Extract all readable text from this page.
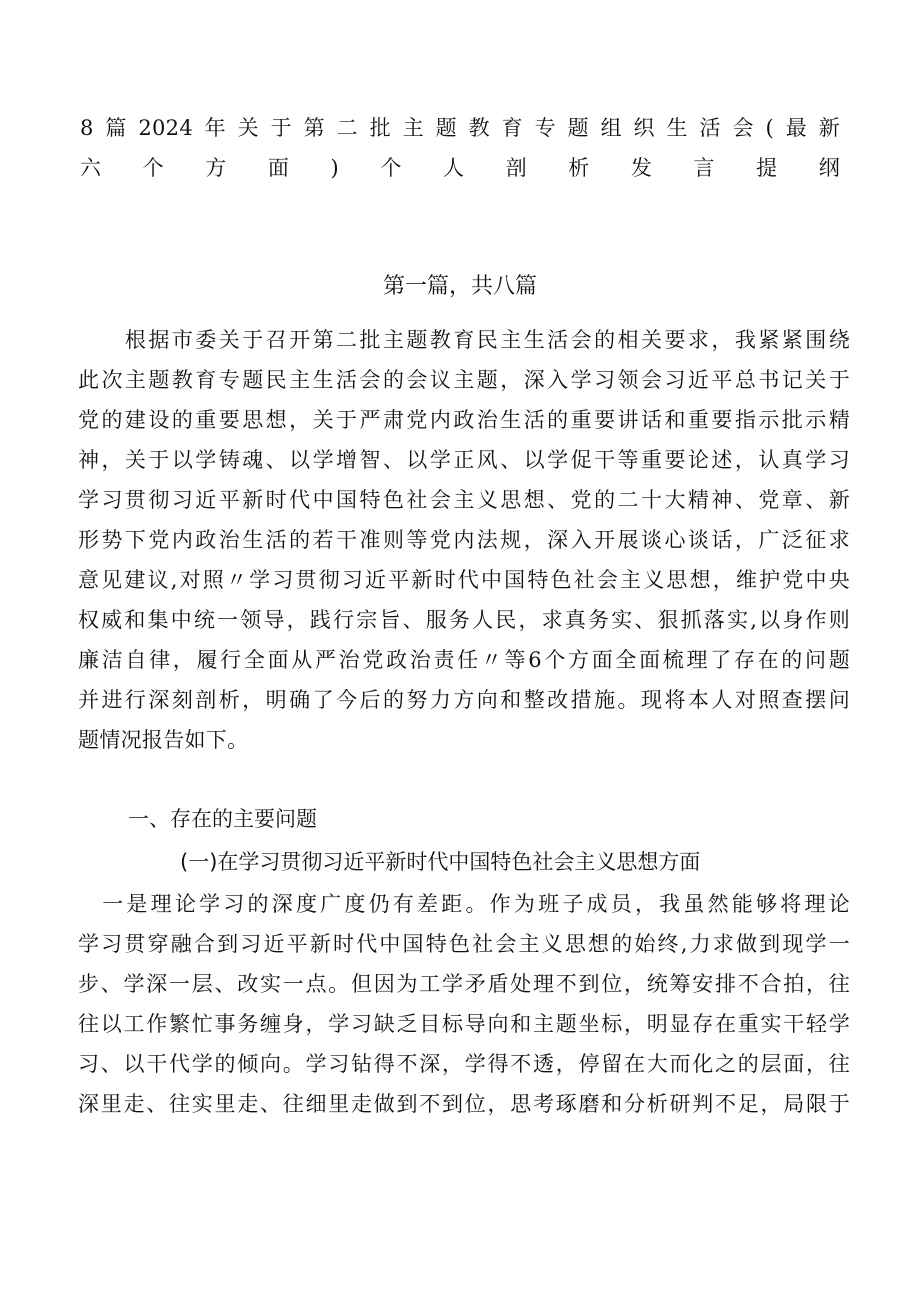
8篇2024年关于第二批主题教育专题组织生活会(最新
六个方面)个人剖析发言提纲
第一篇，共八篇
　　根据市委关于召开第二批主题教育民主生活会的相关要求，我紧紧围绕
此次主题教育专题民主生活会的会议主题，深入学习领会习近平总书记关于
党的建设的重要思想，关于严肃党内政治生活的重要讲话和重要指示批示精
神，关于以学铸魂、以学增智、以学正风、以学促干等重要论述，认真学习
学习贯彻习近平新时代中国特色社会主义思想、党的二十大精神、党章、新
形势下党内政治生活的若干准则等党内法规，深入开展谈心谈话，广泛征求
意见建议,对照〃学习贯彻习近平新时代中国特色社会主义思想，维护党中央
权威和集中统一领导，践行宗旨、服务人民，求真务实、狠抓落实,以身作则
廉洁自律，履行全面从严治党政治责任〃等6个方面全面梳理了存在的问题
并进行深刻剖析，明确了今后的努力方向和整改措施。现将本人对照查摆问
题情况报告如下。
一、存在的主要问题
(一)在学习贯彻习近平新时代中国特色社会主义思想方面
　一是理论学习的深度广度仍有差距。作为班子成员，我虽然能够将理论
学习贯穿融合到习近平新时代中国特色社会主义思想的始终,力求做到现学一
步、学深一层、改实一点。但因为工学矛盾处理不到位，统筹安排不合拍，往
往以工作繁忙事务缠身，学习缺乏目标导向和主题坐标，明显存在重实干轻学
习、以干代学的倾向。学习钻得不深，学得不透，停留在大而化之的层面，往
深里走、往实里走、往细里走做到不到位，思考琢磨和分析研判不足，局限于
